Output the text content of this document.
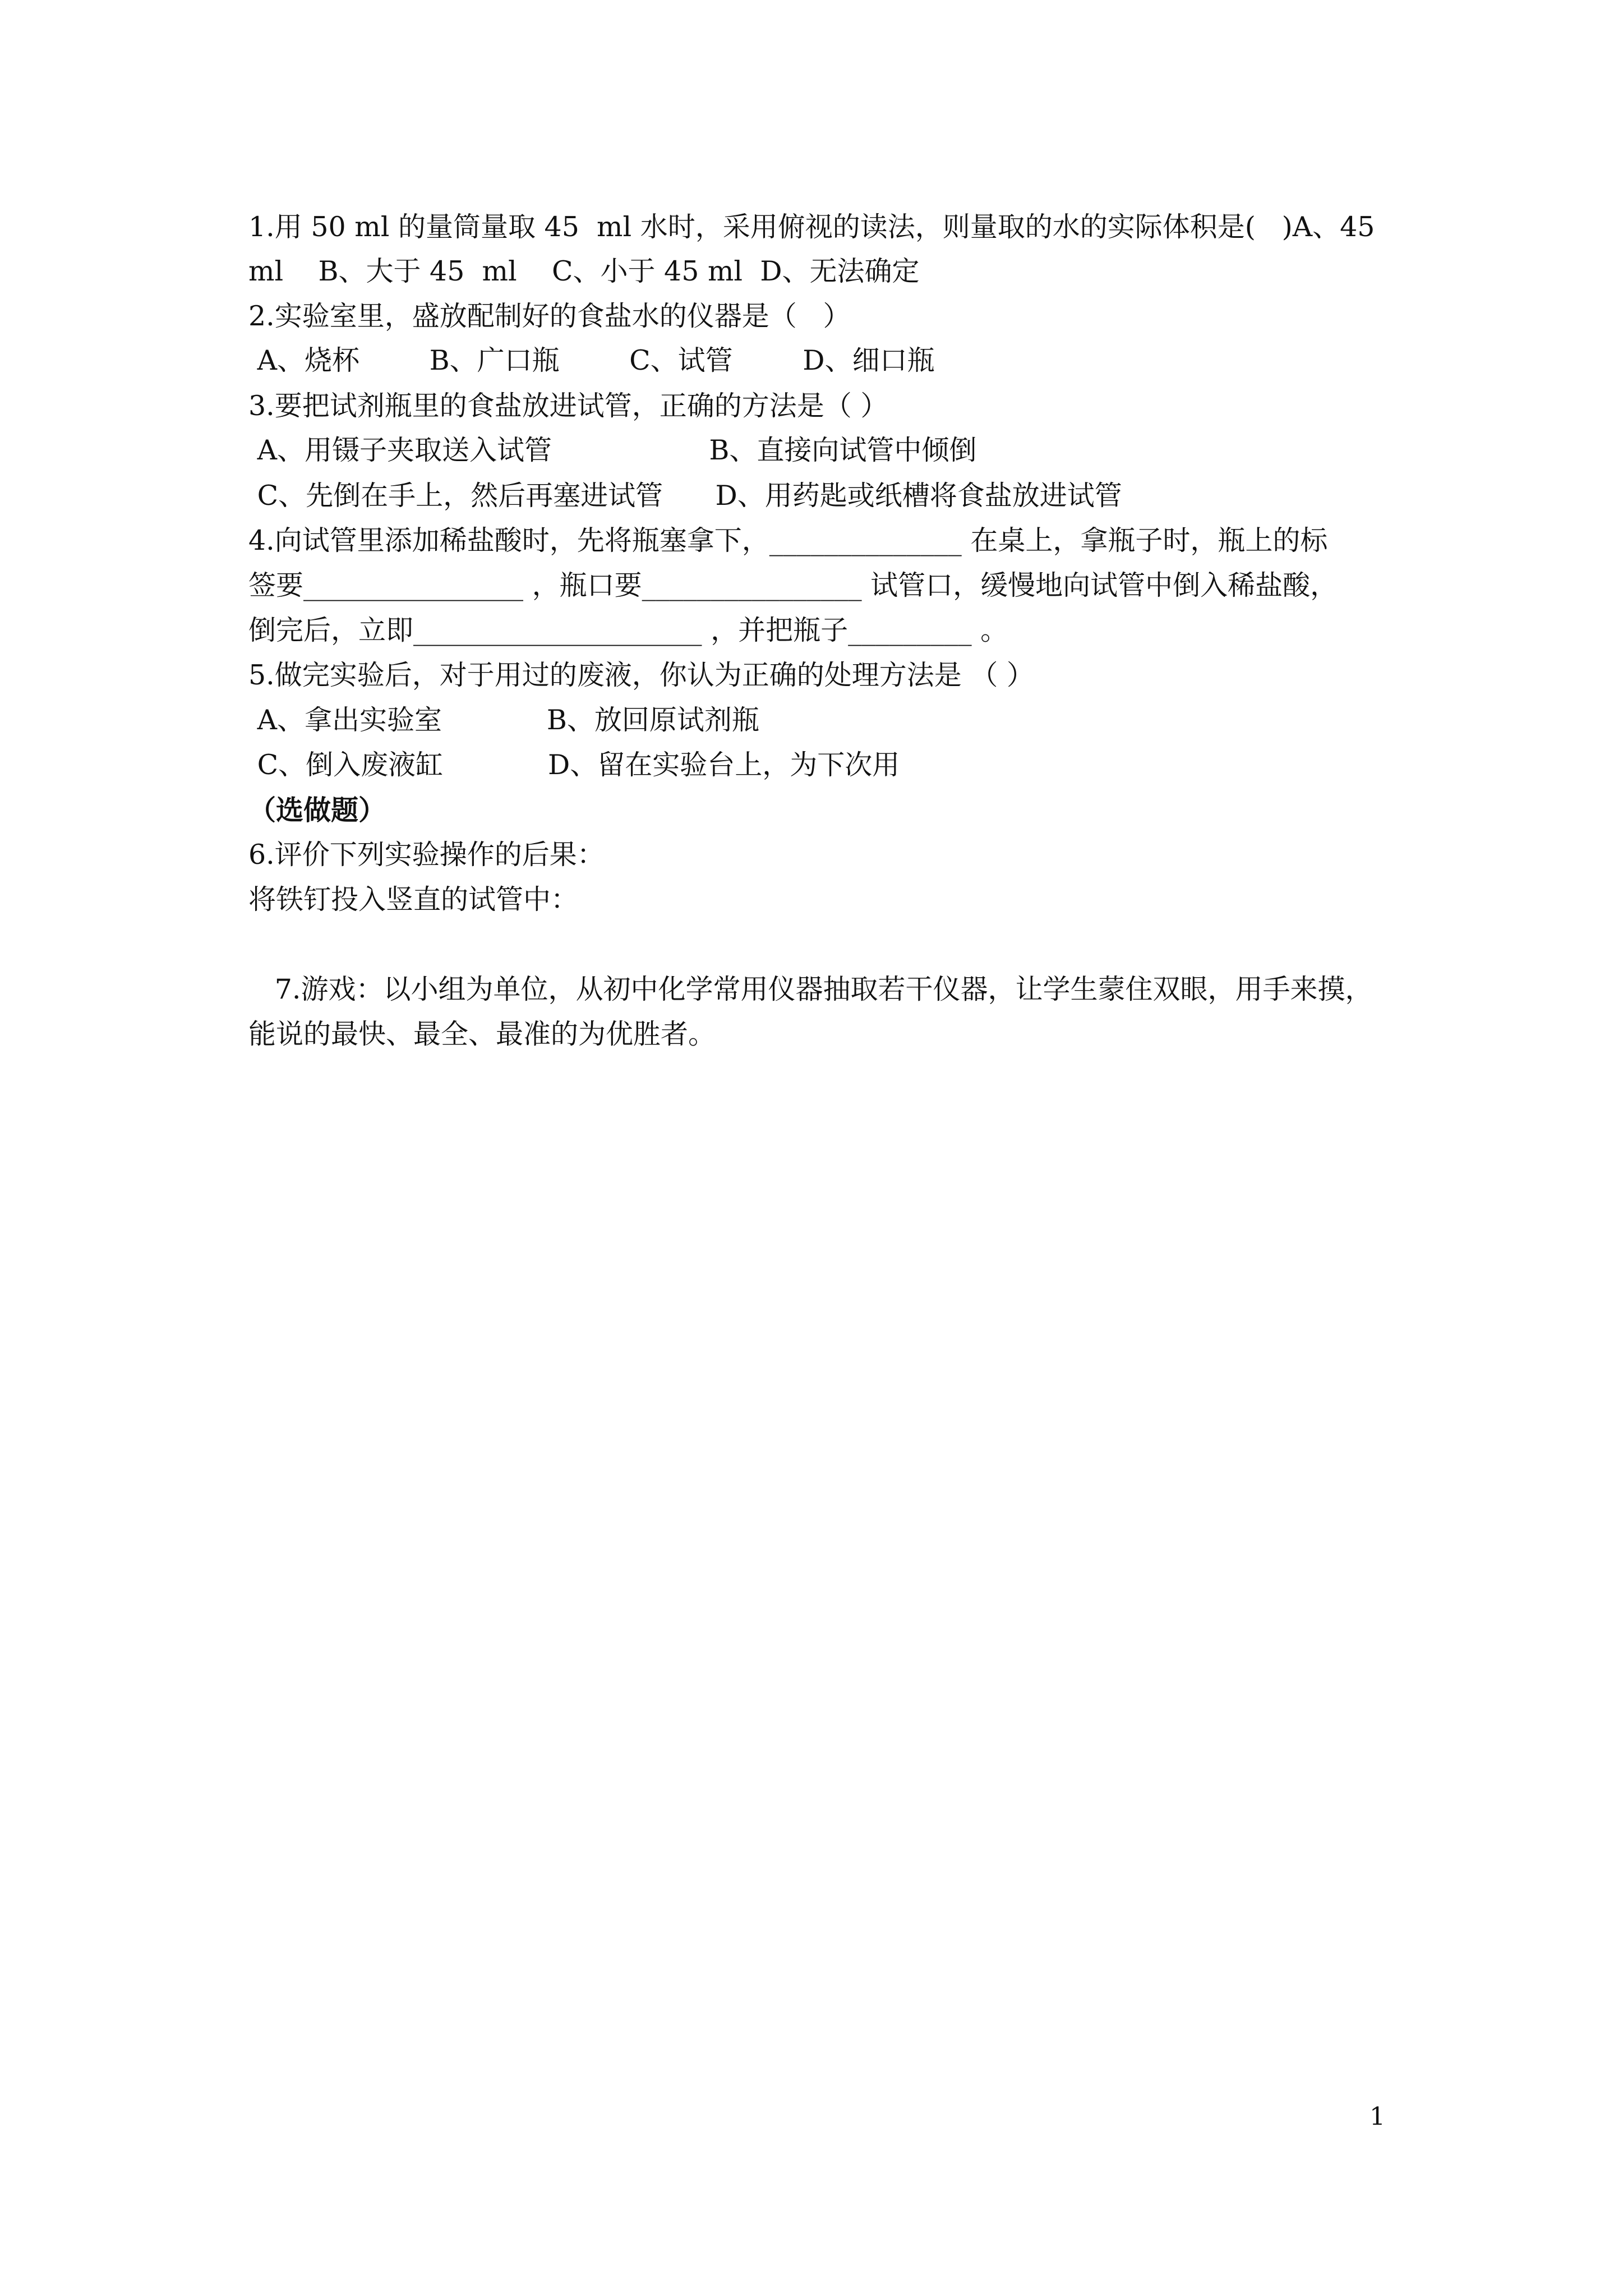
1.用 50 ml 的量筒量取 45  ml 水时，采用俯视的读法，则量取的水的实际体积是(   )A、45
ml    B、大于 45  ml    C、小于 45 ml  D、无法确定
2.实验室里，盛放配制好的食盐水的仪器是（   ）
A、烧杯        B、广口瓶        C、试管        D、细口瓶
3.要把试剂瓶里的食盐放进试管，正确的方法是（ ）
A、用镊子夹取送入试管                  B、直接向试管中倾倒
C、先倒在手上，然后再塞进试管      D、用药匙或纸槽将食盐放进试管
4.向试管里添加稀盐酸时，先将瓶塞拿下，______________ 在桌上，拿瓶子时，瓶上的标
签要________________ ，瓶口要________________ 试管口，缓慢地向试管中倒入稀盐酸，
倒完后，立即_____________________ ，并把瓶子_________ 。
5.做完实验后，对于用过的废液，你认为正确的处理方法是 （ ）
A、拿出实验室            B、放回原试剂瓶
C、倒入废液缸            D、留在实验台上，为下次用
（选做题）
6.评价下列实验操作的后果：
将铁钉投入竖直的试管中：
7.游戏：以小组为单位，从初中化学常用仪器抽取若干仪器，让学生蒙住双眼，用手来摸，
能说的最快、最全、最准的为优胜者。
1
